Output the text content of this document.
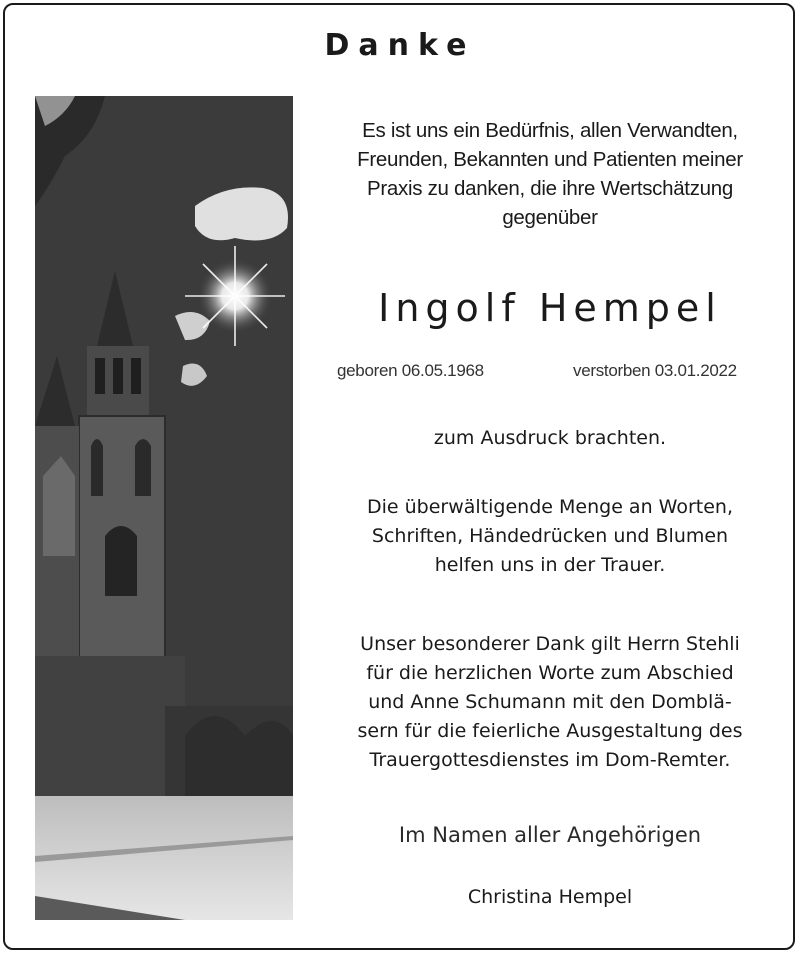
Danke
Es ist uns ein Bedürfnis, allen Verwandten,
Freunden, Bekannten und Patienten meiner
Praxis zu danken, die ihre Wertschätzung
gegenüber
Ingolf Hempel
geboren 06.05.1968	verstorben 03.01.2022
zum Ausdruck brachten.
Die überwältigende Menge an Worten,
Schriften, Händedrücken und Blumen
helfen uns in der Trauer.
Unser besonderer Dank gilt Herrn Stehli
für die herzlichen Worte zum Abschied
und Anne Schumann mit den Domblä-
sern für die feierliche Ausgestaltung des
Trauergottesdienstes im Dom-Remter.
Im Namen aller Angehörigen
Christina Hempel
